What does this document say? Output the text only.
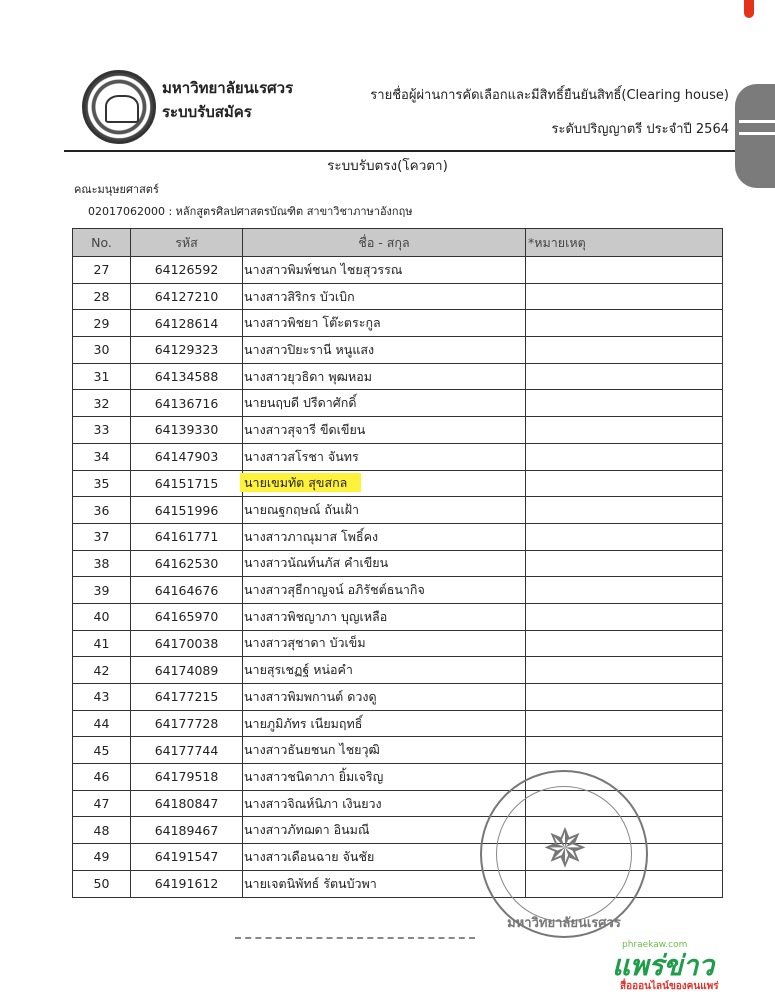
มหาวิทยาลัยนเรศวร
ระบบรับสมัคร
รายชื่อผู้ผ่านการคัดเลือกและมีสิทธิ์ยืนยันสิทธิ์(Clearing house)
ระดับปริญญาตรี ประจำปี 2564
ระบบรับตรง(โควตา)
คณะมนุษยศาสตร์
02017062000 : หลักสูตรศิลปศาสตรบัณฑิต สาขาวิชาภาษาอังกฤษ
No.	รหัส	ชื่อ - สกุล	*หมายเหตุ
27	64126592	นางสาวพิมพ์ชนก ไชยสุวรรณ	
28	64127210	นางสาวสิริกร บัวเบิก	
29	64128614	นางสาวพิชยา โต๊ะตระกูล	
30	64129323	นางสาวปิยะรานี หนูแสง	
31	64134588	นางสาวยุวธิดา พุฒหอม	
32	64136716	นายนฤบดี ปรีดาศักดิ์	
33	64139330	นางสาวสุจารี ขีดเขียน	
34	64147903	นางสาวสโรชา จันทร	
35	64151715	นายเขมทัต สุขสกล	
36	64151996	นายณฐกฤษณ์ ถันเฝ้า	
37	64161771	นางสาวภาณุมาส โพธิ์คง	
38	64162530	นางสาวนัณท์นภัส คำเขียน	
39	64164676	นางสาวสุธีกาญจน์ อภิรัชต์ธนากิจ	
40	64165970	นางสาวพิชญาภา บุญเหลือ	
41	64170038	นางสาวสุชาดา บัวเข็ม	
42	64174089	นายสุรเชฏฐ์ หน่อคำ	
43	64177215	นางสาวพิมพกานต์ ดวงดู	
44	64177728	นายภูมิภัทร เนียมฤทธิ์	
45	64177744	นางสาวธันยชนก ไชยวุฒิ	
46	64179518	นางสาวชนิดาภา ยิ้มเจริญ	
47	64180847	นางสาวจิณห์นิภา เงินยวง	
48	64189467	นางสาวภัทฌดา อินมณี	
49	64191547	นางสาวเดือนฉาย จันชัย	
50	64191612	นายเจตนิพัทธ์ รัตนบัวพา	
✵
มหาวิทยาลัยนเรศวร
phraekaw.com
แพร่ข่าว
สื่อออนไลน์ของคนแพร่
